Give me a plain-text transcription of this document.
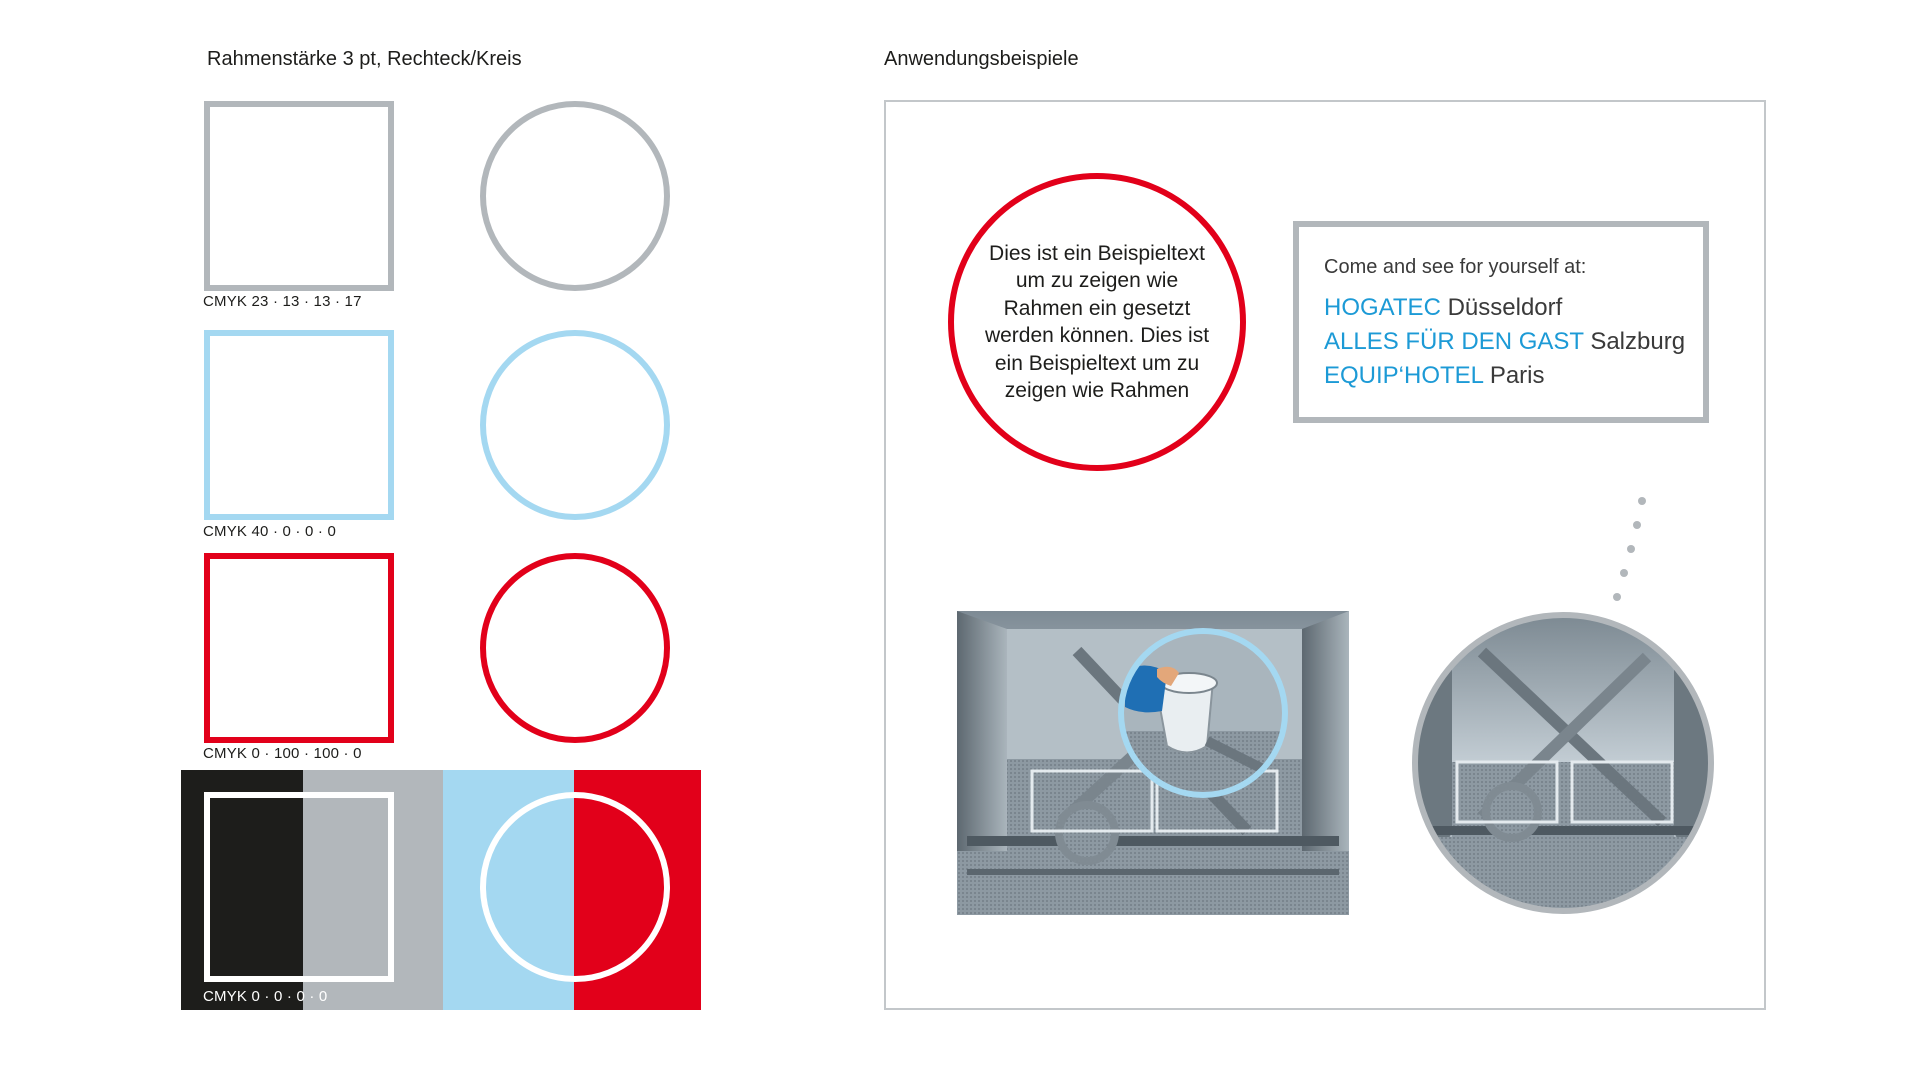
Rahmenstärke 3 pt, Rechteck/Kreis
CMYK 23 · 13 · 13 · 17
CMYK 40 · 0 · 0 · 0
CMYK 0 · 100 · 100 · 0
CMYK 0 · 0 · 0 · 0
Anwendungsbeispiele
Dies ist ein Beispieltext um zu zeigen wie Rahmen ein gesetzt werden können. Dies ist ein Beispieltext um zu zeigen wie Rahmen
Come and see for yourself at:
HOGATEC Düsseldorf
ALLES FÜR DEN GAST Salzburg
EQUIP‘HOTEL Paris
